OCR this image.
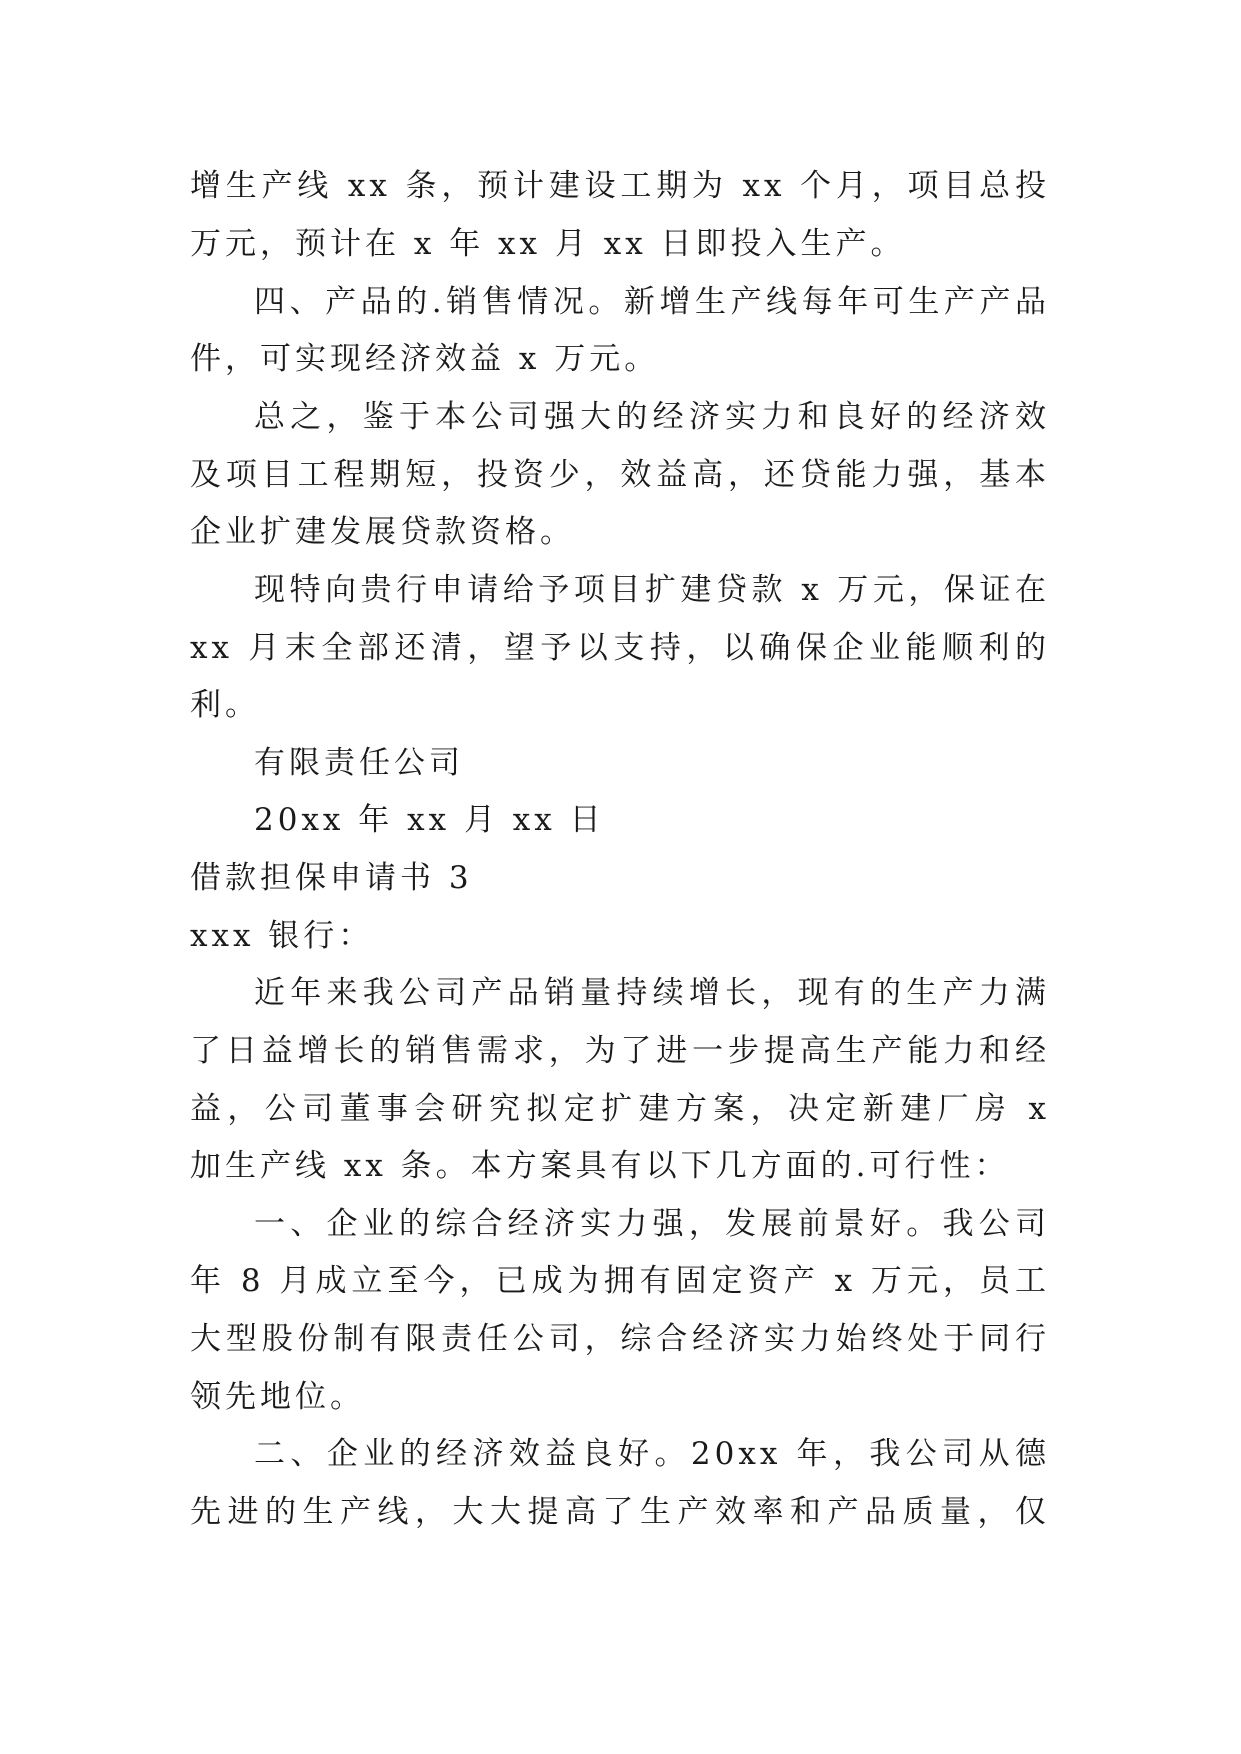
增生产线 xx 条，预计建设工期为 xx 个月，项目总投
万元，预计在 x 年 xx 月 xx 日即投入生产。
四、产品的.销售情况。新增生产线每年可生产产品
件，可实现经济效益 x 万元。
总之，鉴于本公司强大的经济实力和良好的经济效
及项目工程期短，投资少，效益高，还贷能力强，基本
企业扩建发展贷款资格。
现特向贵行申请给予项目扩建贷款 x 万元，保证在
xx 月末全部还清，望予以支持，以确保企业能顺利的
利。
有限责任公司
20xx 年 xx 月 xx 日
借款担保申请书 3
xxx 银行：
近年来我公司产品销量持续增长，现有的生产力满
了日益增长的销售需求，为了进一步提高生产能力和经
益，公司董事会研究拟定扩建方案，决定新建厂房 x
加生产线 xx 条。本方案具有以下几方面的.可行性：
一、企业的综合经济实力强，发展前景好。我公司
年 8 月成立至今，已成为拥有固定资产 x 万元，员工
大型股份制有限责任公司，综合经济实力始终处于同行
领先地位。
二、企业的经济效益良好。20xx 年，我公司从德
先进的生产线，大大提高了生产效率和产品质量，仅
